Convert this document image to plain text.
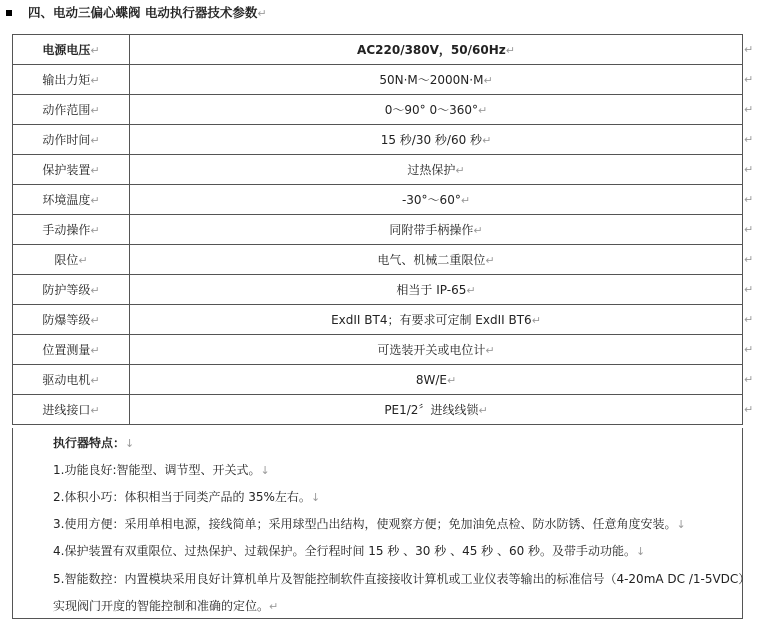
四、电动三偏心蝶阀 电动执行器技术参数↵
电源电压↵	AC220/380V，50/60Hz↵
输出力矩↵	50N·M～2000N·M↵
动作范围↵	0～90° 0～360°↵
动作时间↵	15 秒/30 秒/60 秒↵
保护装置↵	过热保护↵
环境温度↵	-30°～60°↵
手动操作↵	同附带手柄操作↵
限位↵	电气、机械二重限位↵
防护等级↵	相当于 IP-65↵
防爆等级↵	ExdII BT4；有要求可定制 ExdII BT6↵
位置测量↵	可选装开关或电位计↵
驱动电机↵	8W/E↵
进线接口↵	PE1/2〞进线线锁↵
↵
↵
↵
↵
↵
↵
↵
↵
↵
↵
↵
↵
↵
执行器特点：↓
1.功能良好:智能型、调节型、开关式。↓
2.体积小巧：体积相当于同类产品的 35%左右。↓
3.使用方便：采用单相电源，接线简单；采用球型凸出结构，使观察方便；免加油免点检、防水防锈、任意角度安装。↓
4.保护装置有双重限位、过热保护、过载保护。全行程时间 15 秒 、30 秒 、45 秒 、60 秒。及带手动功能。↓
5.智能数控：内置模块采用良好计算机单片及智能控制软件直接接收计算机或工业仪表等输出的标准信号（4-20mA DC /1-5VDC）
实现阀门开度的智能控制和准确的定位。↵
